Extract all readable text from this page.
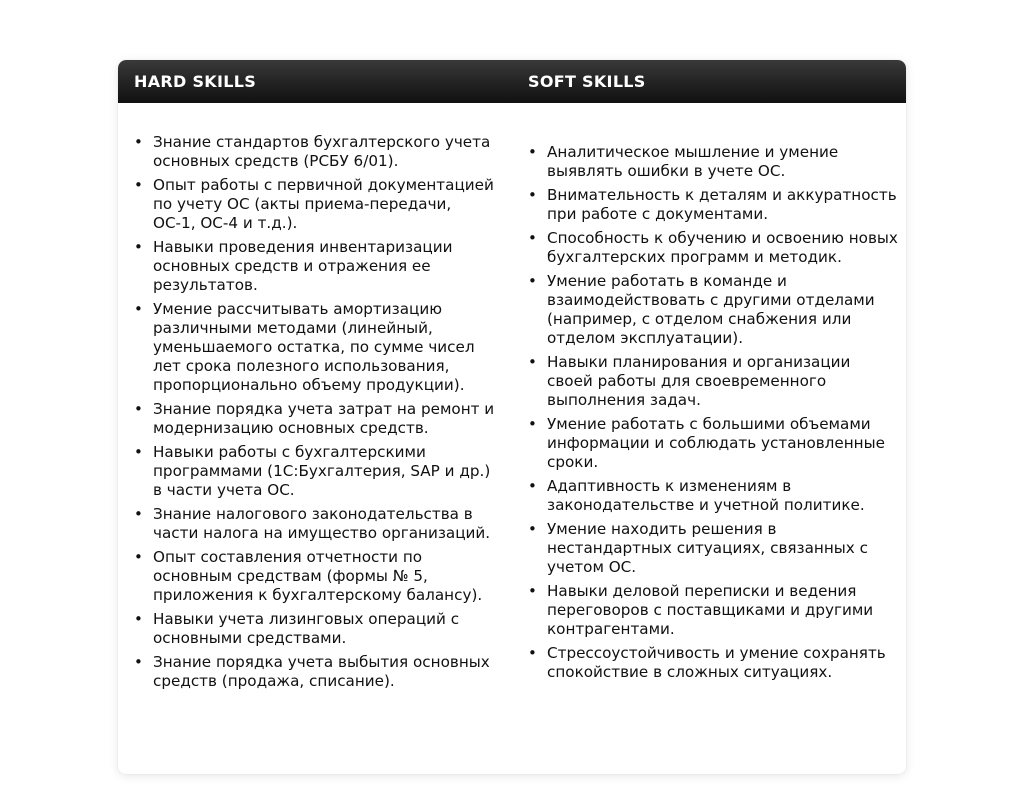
HARD SKILLS	SOFT SKILLS
• Знание стандартов бухгалтерского учета основных средств (РСБУ 6/01).
• Опыт работы с первичной документацией по учету ОС (акты приема-передачи, ОС-1, ОС-4 и т.д.).
• Навыки проведения инвентаризации основных средств и отражения ее результатов.
• Умение рассчитывать амортизацию различными методами (линейный, уменьшаемого остатка, по сумме чисел лет срока полезного использования, пропорционально объему продукции).
• Знание порядка учета затрат на ремонт и модернизацию основных средств.
• Навыки работы с бухгалтерскими программами (1С:Бухгалтерия, SAP и др.) в части учета ОС.
• Знание налогового законодательства в части налога на имущество организаций.
• Опыт составления отчетности по основным средствам (формы № 5, приложения к бухгалтерскому балансу).
• Навыки учета лизинговых операций с основными средствами.
• Знание порядка учета выбытия основных средств (продажа, списание).
• Аналитическое мышление и умение выявлять ошибки в учете ОС.
• Внимательность к деталям и аккуратность при работе с документами.
• Способность к обучению и освоению новых бухгалтерских программ и методик.
• Умение работать в команде и взаимодействовать с другими отделами (например, с отделом снабжения или отделом эксплуатации).
• Навыки планирования и организации своей работы для своевременного выполнения задач.
• Умение работать с большими объемами информации и соблюдать установленные сроки.
• Адаптивность к изменениям в законодательстве и учетной политике.
• Умение находить решения в нестандартных ситуациях, связанных с учетом ОС.
• Навыки деловой переписки и ведения переговоров с поставщиками и другими контрагентами.
• Стрессоустойчивость и умение сохранять спокойствие в сложных ситуациях.
